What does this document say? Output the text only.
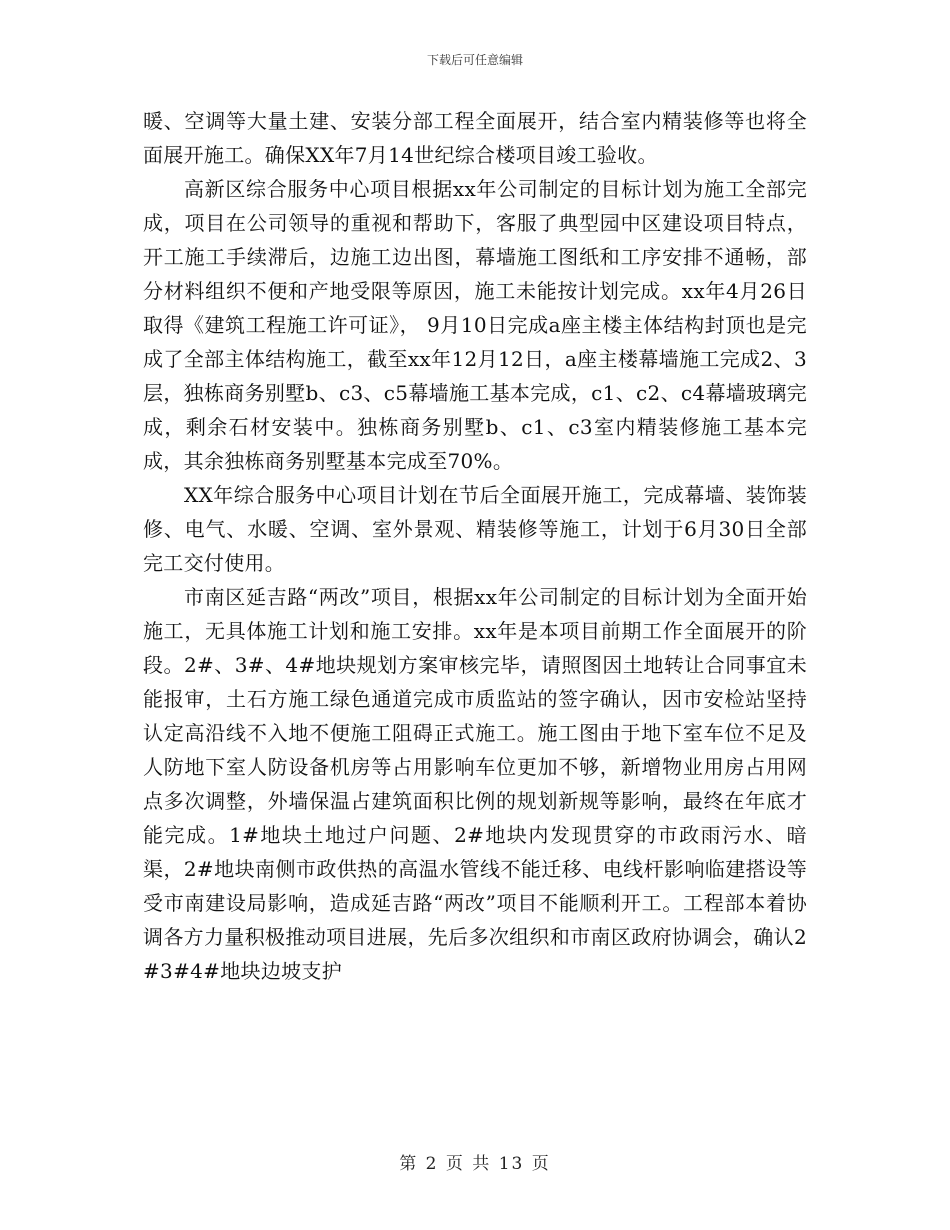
下载后可任意编辑

暖、空调等大量土建、安装分部工程全面展开，结合室内精装修等也将全面展开施工。确保XX年7月14世纪综合楼项目竣工验收。

高新区综合服务中心项目根据xx年公司制定的目标计划为施工全部完成，项目在公司领导的重视和帮助下，客服了典型园中区建设项目特点，开工施工手续滞后，边施工边出图，幕墙施工图纸和工序安排不通畅，部分材料组织不便和产地受限等原因，施工未能按计划完成。xx年4月26日取得《建筑工程施工许可证》， 9月10日完成a座主楼主体结构封顶也是完成了全部主体结构施工，截至xx年12月12日，a座主楼幕墙施工完成2、3层，独栋商务别墅b、c3、c5幕墙施工基本完成，c1、c2、c4幕墙玻璃完成，剩余石材安装中。独栋商务别墅b、c1、c3室内精装修施工基本完成，其余独栋商务别墅基本完成至70%。

XX年综合服务中心项目计划在节后全面展开施工，完成幕墙、装饰装修、电气、水暖、空调、室外景观、精装修等施工，计划于6月30日全部完工交付使用。

市南区延吉路“两改”项目，根据xx年公司制定的目标计划为全面开始施工，无具体施工计划和施工安排。xx年是本项目前期工作全面展开的阶段。2#、3#、4#地块规划方案审核完毕，请照图因土地转让合同事宜未能报审，土石方施工绿色通道完成市质监站的签字确认，因市安检站坚持认定高沿线不入地不便施工阻碍正式施工。施工图由于地下室车位不足及人防地下室人防设备机房等占用影响车位更加不够，新增物业用房占用网点多次调整，外墙保温占建筑面积比例的规划新规等影响，最终在年底才能完成。1#地块土地过户问题、2#地块内发现贯穿的市政雨污水、暗渠，2#地块南侧市政供热的高温水管线不能迁移、电线杆影响临建搭设等受市南建设局影响，造成延吉路“两改”项目不能顺利开工。工程部本着协调各方力量积极推动项目进展，先后多次组织和市南区政府协调会，确认2#3#4#地块边坡支护

第 2 页 共 13 页
